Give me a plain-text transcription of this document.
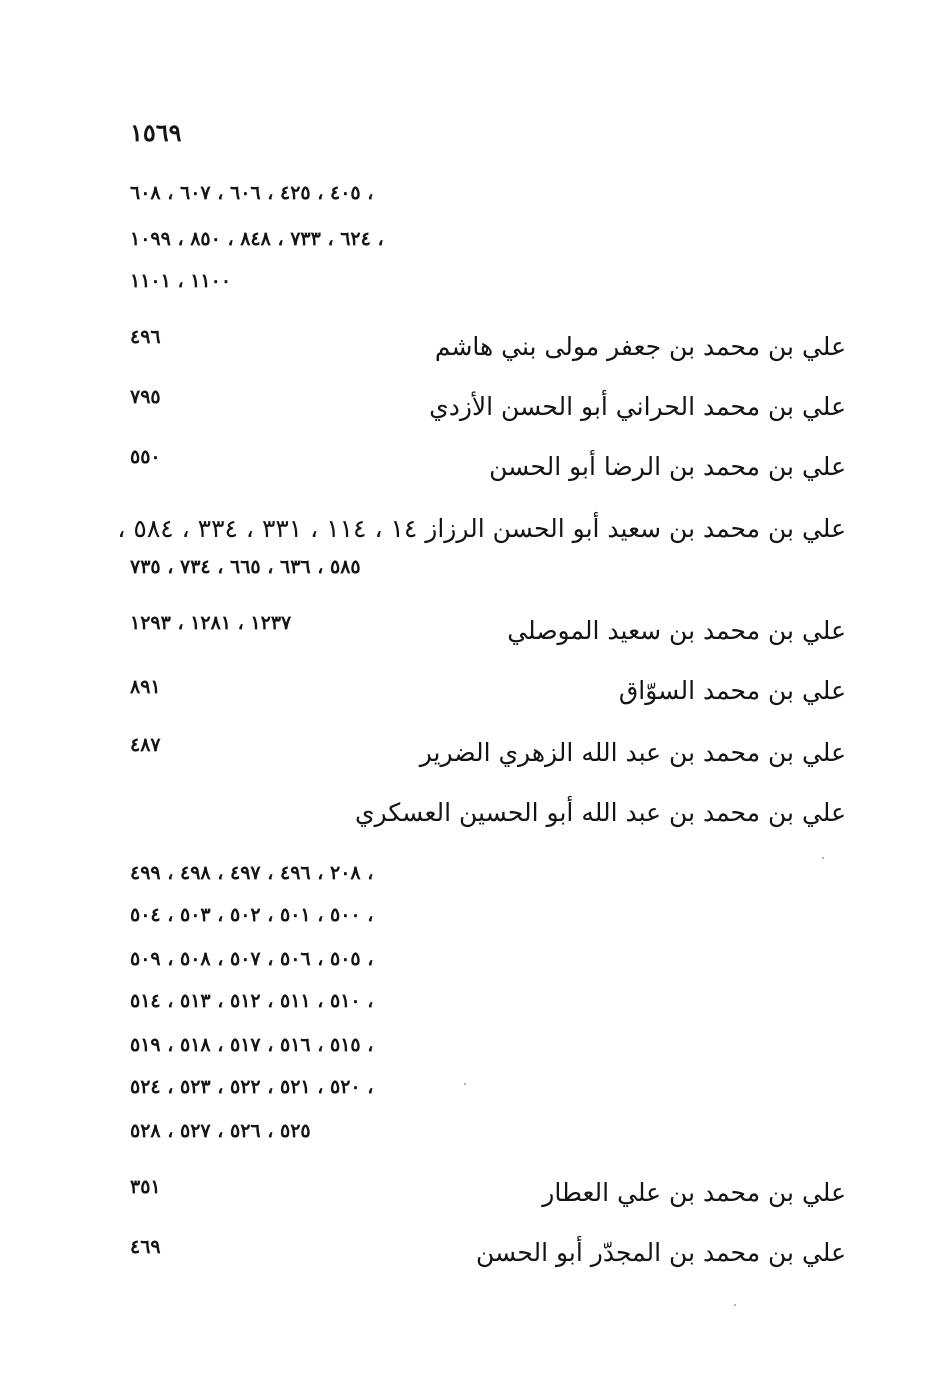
١٥٦٩
٤٠٥ ، ٤٢٥ ، ٦٠٦ ، ٦٠٧ ، ٦٠٨ ،
٦٢٤ ، ٧٣٣ ، ٨٤٨ ، ٨٥٠ ، ١٠٩٩ ،
١١٠٠ ، ١١٠١
علي بن محمد بن جعفر مولى بني هاشم
٤٩٦
علي بن محمد الحراني أبو الحسن الأزدي
٧٩٥
علي بن محمد بن الرضا أبو الحسن
٥٥٠
علي بن محمد بن سعيد أبو الحسن الرزاز ١٤ ، ١١٤ ، ٣٣١ ، ٣٣٤ ، ٥٨٤ ،
٥٨٥ ، ٦٣٦ ، ٦٦٥ ، ٧٣٤ ، ٧٣٥
علي بن محمد بن سعيد الموصلي
١٢٣٧ ، ١٢٨١ ، ١٢٩٣
علي بن محمد السوّاق
٨٩١
علي بن محمد بن عبد الله الزهري الضرير
٤٨٧
علي بن محمد بن عبد الله أبو الحسين العسكري
٢٠٨ ، ٤٩٦ ، ٤٩٧ ، ٤٩٨ ، ٤٩٩ ،
٥٠٠ ، ٥٠١ ، ٥٠٢ ، ٥٠٣ ، ٥٠٤ ،
٥٠٥ ، ٥٠٦ ، ٥٠٧ ، ٥٠٨ ، ٥٠٩ ،
٥١٠ ، ٥١١ ، ٥١٢ ، ٥١٣ ، ٥١٤ ،
٥١٥ ، ٥١٦ ، ٥١٧ ، ٥١٨ ، ٥١٩ ،
٥٢٠ ، ٥٢١ ، ٥٢٢ ، ٥٢٣ ، ٥٢٤ ،
٥٢٥ ، ٥٢٦ ، ٥٢٧ ، ٥٢٨
علي بن محمد بن علي العطار
٣٥١
علي بن محمد بن المجدّر أبو الحسن
٤٦٩
